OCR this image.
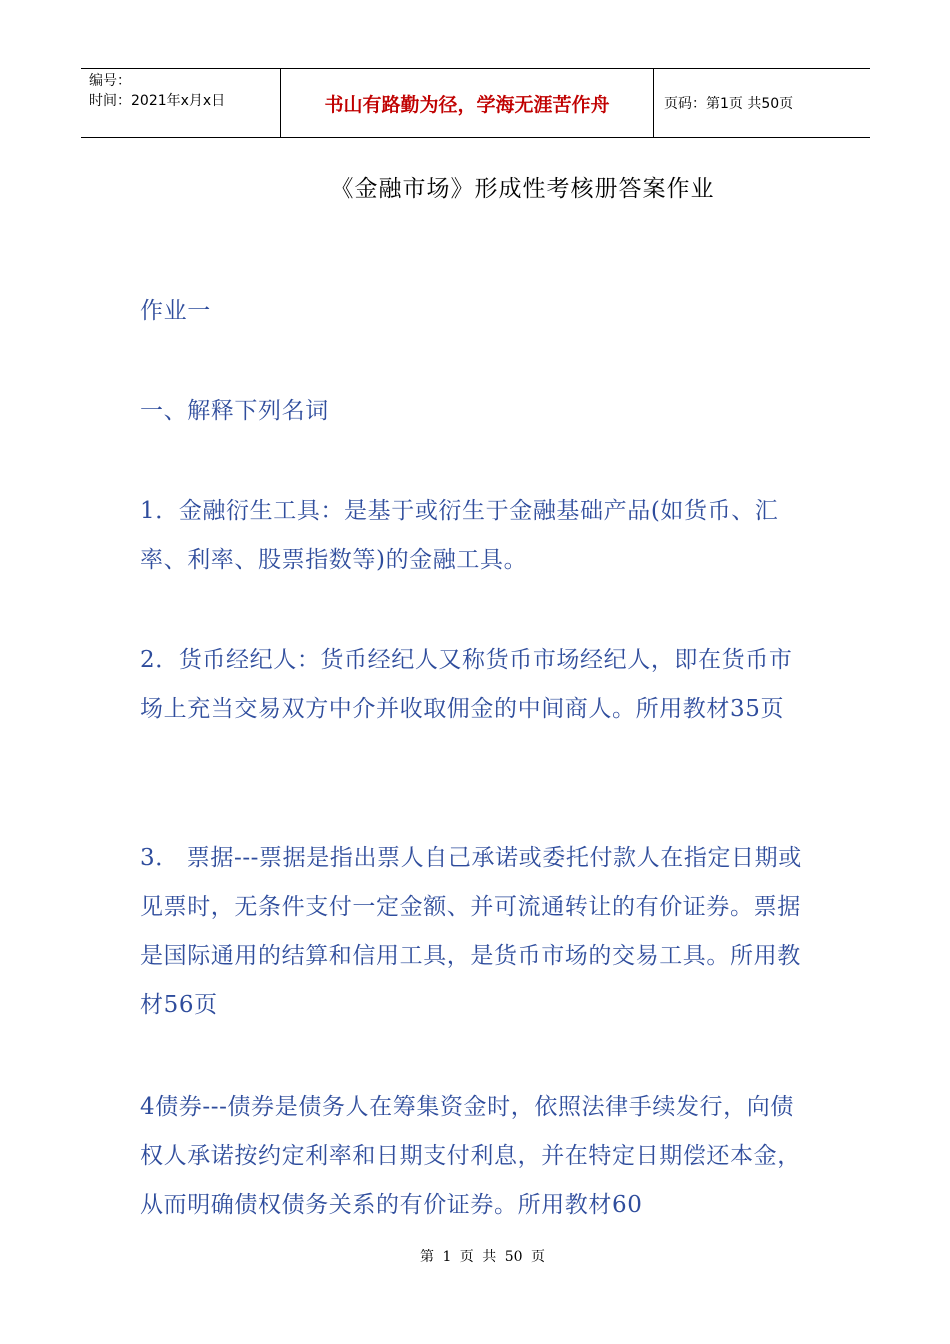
编号：
时间：2021年x月x日	书山有路勤为径，学海无涯苦作舟	页码：第1页 共50页
《金融市场》形成性考核册答案作业
作业一
一、解释下列名词

1．金融衍生工具：是基于或衍生于金融基础产品(如货币、汇率、利率、股票指数等)的金融工具。

2．货币经纪人：货币经纪人又称货币市场经纪人，即在货币市场上充当交易双方中介并收取佣金的中间商人。所用教材35页

3． 票据---票据是指出票人自己承诺或委托付款人在指定日期或见票时，无条件支付一定金额、并可流通转让的有价证券。票据是国际通用的结算和信用工具，是货币市场的交易工具。所用教材56页

4债券---债券是债务人在筹集资金时，依照法律手续发行，向债权人承诺按约定利率和日期支付利息，并在特定日期偿还本金，从而明确债权债务关系的有价证券。所用教材60

第 1 页 共 50 页
